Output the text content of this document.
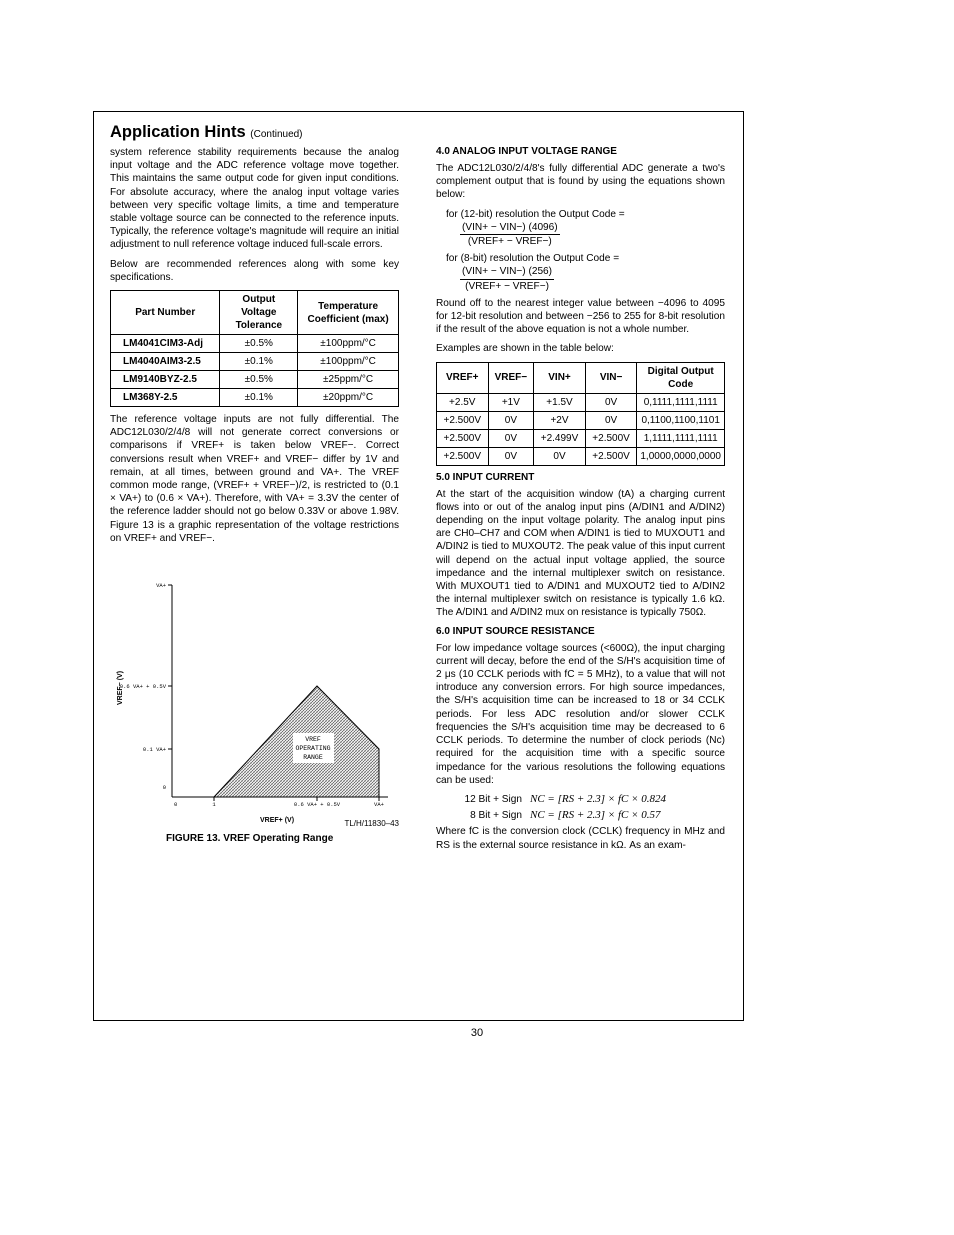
Application Hints (Continued)

system reference stability requirements because the analog input voltage and the ADC reference voltage move together. This maintains the same output code for given input conditions. For absolute accuracy, where the analog input voltage varies between very specific voltage limits, a time and temperature stable voltage source can be connected to the reference inputs. Typically, the reference voltage's magnitude will require an initial adjustment to null reference voltage induced full-scale errors.

Below are recommended references along with some key specifications.

Part Number	Output Voltage Tolerance	Temperature Coefficient (max)
LM4041CIM3-Adj	±0.5%	±100ppm/°C
LM4040AIM3-2.5	±0.1%	±100ppm/°C
LM9140BYZ-2.5	±0.5%	±25ppm/°C
LM368Y-2.5	±0.1%	±20ppm/°C

The reference voltage inputs are not fully differential. The ADC12L030/2/4/8 will not generate correct conversions or comparisons if VREF+ is taken below VREF−. Correct conversions result when VREF+ and VREF− differ by 1V and remain, at all times, between ground and VA+. The VREF common mode range, (VREF+ + VREF−)/2, is restricted to (0.1 × VA+) to (0.6 × VA+). Therefore, with VA+ = 3.3V the center of the reference ladder should not go below 0.33V or above 1.98V. Figure 13 is a graphic representation of the voltage restrictions on VREF+ and VREF−.

VREF
OPERATING
RANGE
VA+
0.6 VA+ + 0.5V
0.1 VA+
0
0	1	0.6 VA+ + 0.5V	VA+
VREF+ (V)
VREF− (V)
TL/H/11830–43
FIGURE 13. VREF Operating Range
4.0 ANALOG INPUT VOLTAGE RANGE

The ADC12L030/2/4/8's fully differential ADC generate a two's complement output that is found by using the equations shown below:

for (12-bit) resolution the Output Code =
$\frac{\text{(VIN+ − VIN−) (4096)}}{\text{(VREF+ − VREF−)}}$
for (8-bit) resolution the Output Code =
$\frac{\text{(VIN+ − VIN−) (256)}}{\text{(VREF+ − VREF−)}}$

Round off to the nearest integer value between −4096 to 4095 for 12-bit resolution and between −256 to 255 for 8-bit resolution if the result of the above equation is not a whole number.

Examples are shown in the table below:

VREF+	VREF−	VIN+	VIN−	Digital Output Code
+2.5V	+1V	+1.5V	0V	0,1111,1111,1111
+2.500V	0V	+2V	0V	0,1100,1100,1101
+2.500V	0V	+2.499V	+2.500V	1,1111,1111,1111
+2.500V	0V	0V	+2.500V	1,0000,0000,0000
5.0 INPUT CURRENT

At the start of the acquisition window (tA) a charging current flows into or out of the analog input pins (A/DIN1 and A/DIN2) depending on the input voltage polarity. The analog input pins are CH0–CH7 and COM when A/DIN1 is tied to MUXOUT1 and A/DIN2 is tied to MUXOUT2. The peak value of this input current will depend on the actual input voltage applied, the source impedance and the internal multiplexer switch on resistance. With MUXOUT1 tied to A/DIN1 and MUXOUT2 tied to A/DIN2 the internal multiplexer switch on resistance is typically 1.6 kΩ. The A/DIN1 and A/DIN2 mux on resistance is typically 750Ω.

6.0 INPUT SOURCE RESISTANCE

For low impedance voltage sources (<600Ω), the input charging current will decay, before the end of the S/H's acquisition time of 2 μs (10 CCLK periods with fC = 5 MHz), to a value that will not introduce any conversion errors. For high source impedances, the S/H's acquisition time can be increased to 18 or 34 CCLK periods. For less ADC resolution and/or slower CCLK frequencies the S/H's acquisition time may be decreased to 6 CCLK periods. To determine the number of clock periods (Nc) required for the acquisition time with a specific source impedance for the various resolutions the following equations can be used:

12 Bit + Sign NC = [RS + 2.3] × fC × 0.824
8 Bit + Sign NC = [RS + 2.3] × fC × 0.57

Where fC is the conversion clock (CCLK) frequency in MHz and RS is the external source resistance in kΩ. As an exam-

30
